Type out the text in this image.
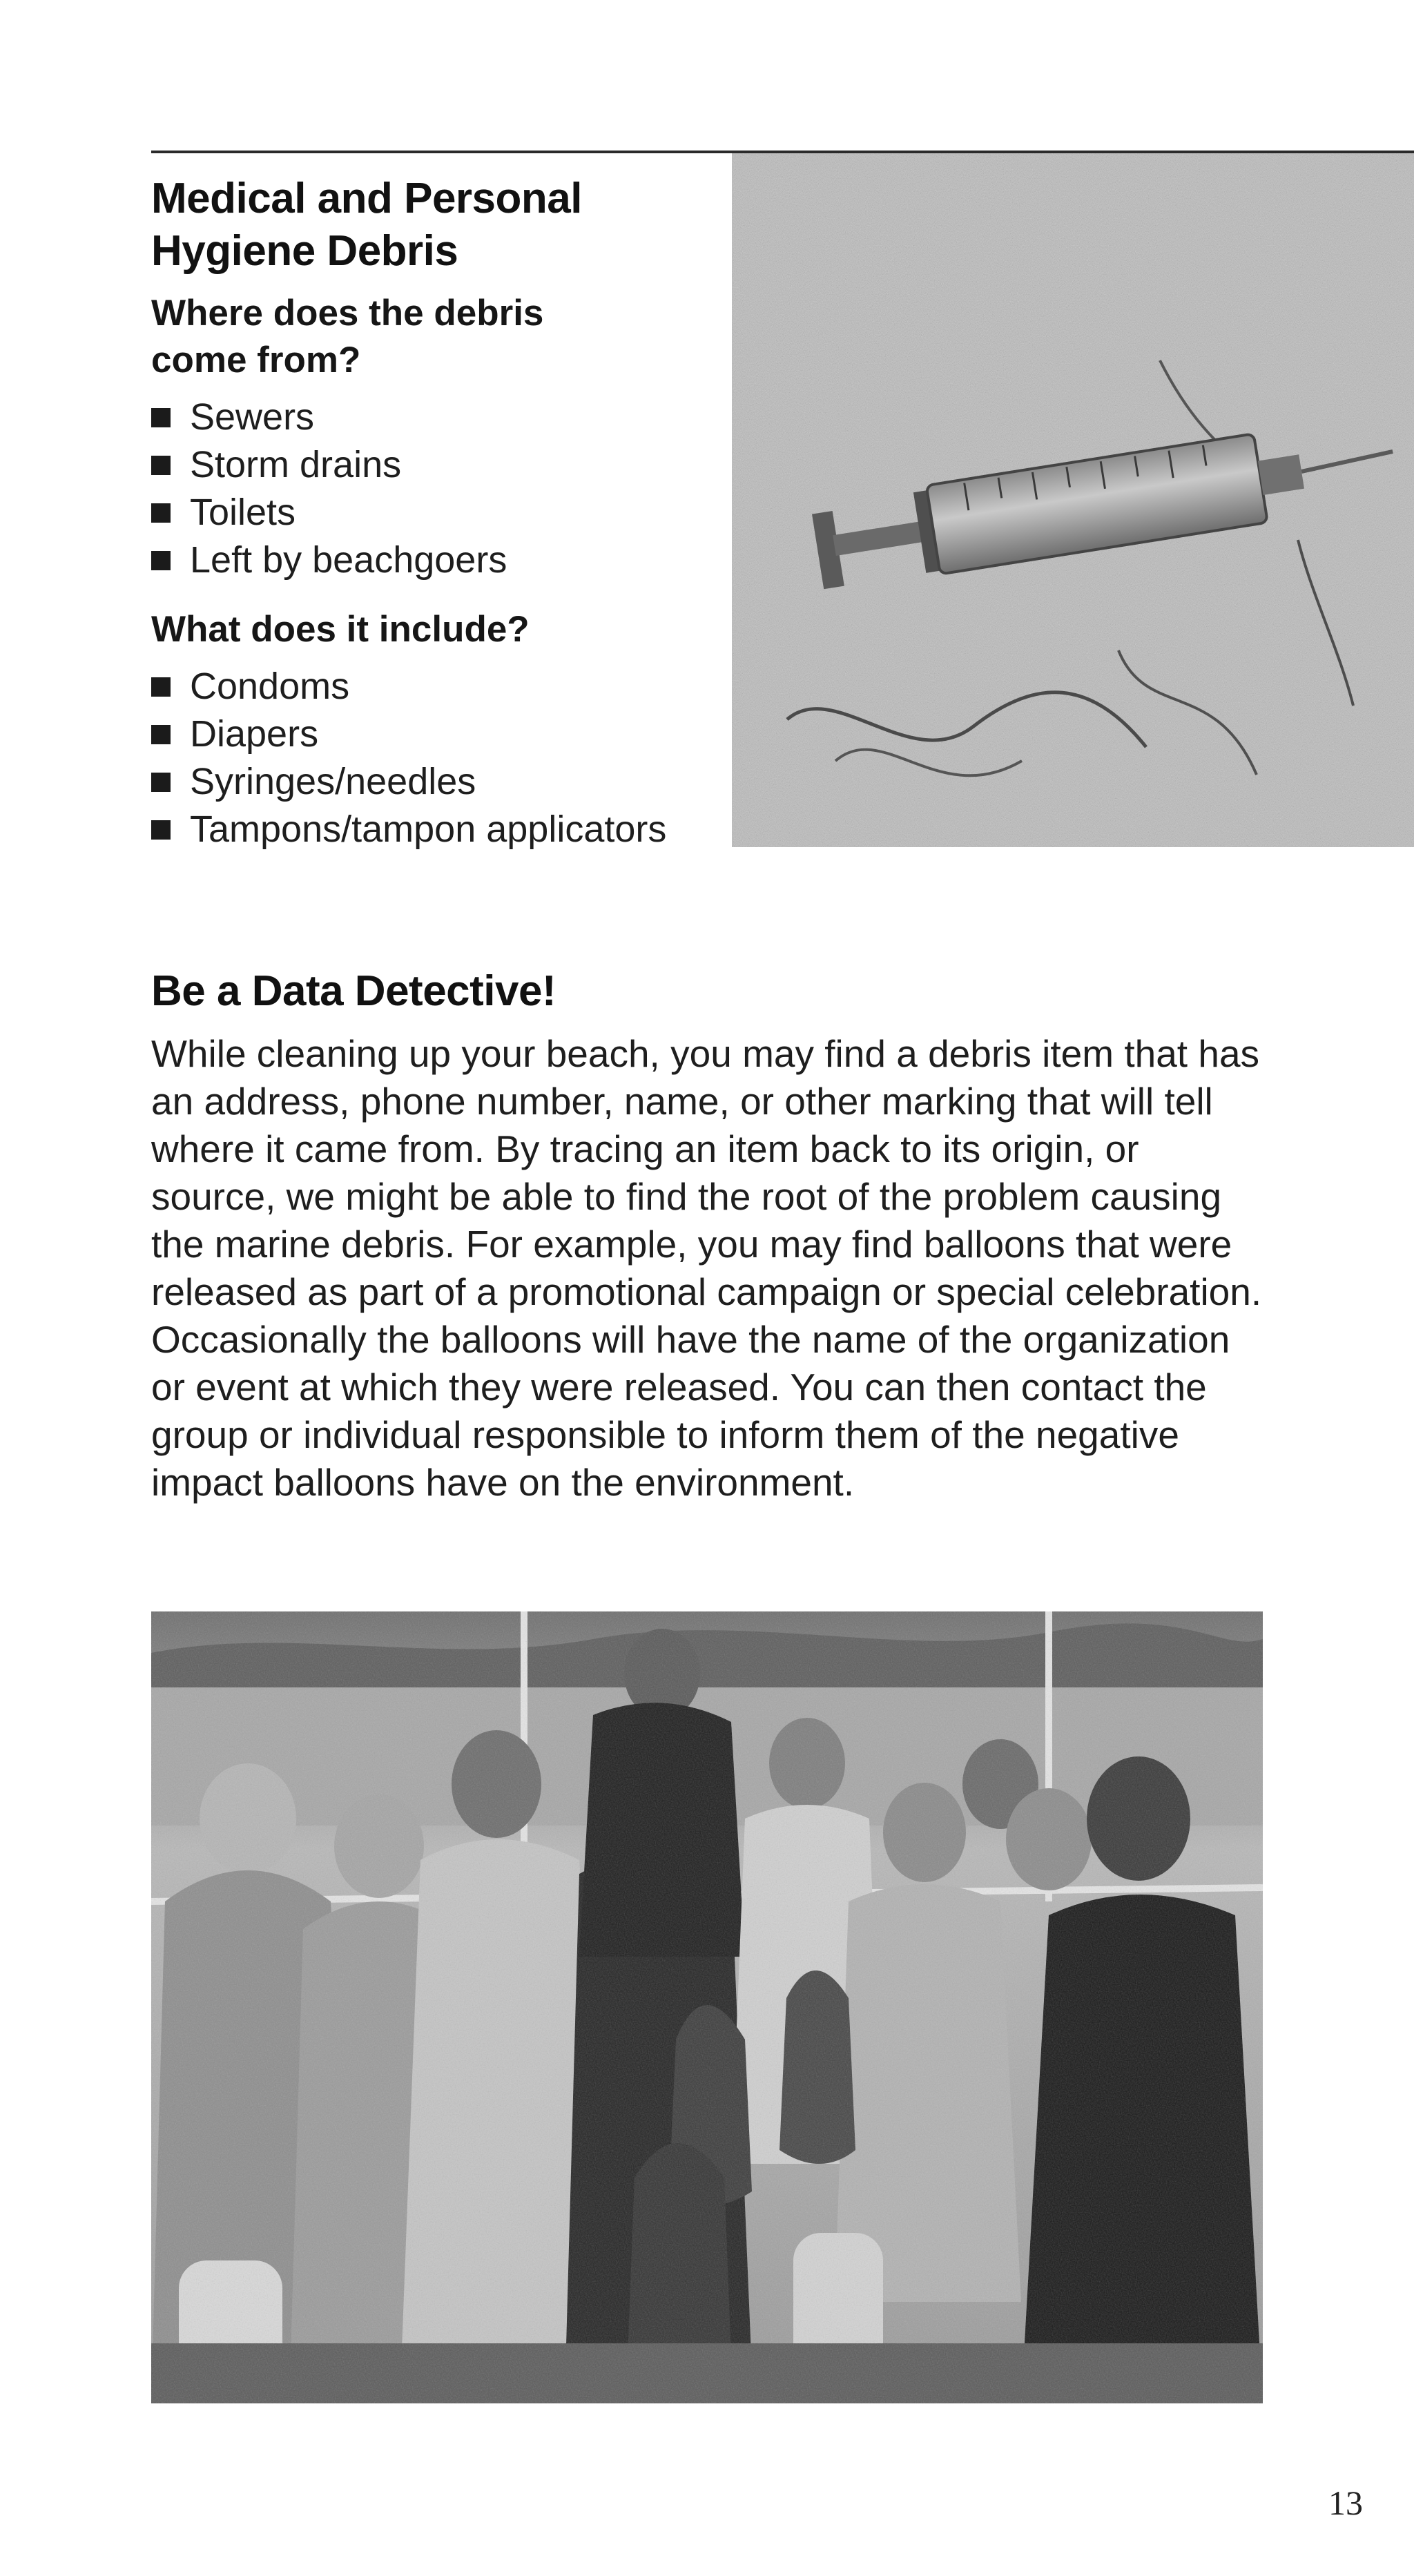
Medical and Personal
Hygiene Debris
Where does the debris
come from?
Sewers
Storm drains
Toilets
Left by beachgoers
What does it include?
Condoms
Diapers
Syringes/needles
Tampons/tampon applicators
Be a Data Detective!

While cleaning up your beach, you may find a debris item that has
an address, phone number, name, or other marking that will tell
where it came from. By tracing an item back to its origin, or
source, we might be able to find the root of the problem causing
the marine debris. For example, you may find balloons that were
released as part of a promotional campaign or special celebration.
Occasionally the balloons will have the name of the organization
or event at which they were released. You can then contact the
group or individual responsible to inform them of the negative
impact balloons have on the environment.

13
